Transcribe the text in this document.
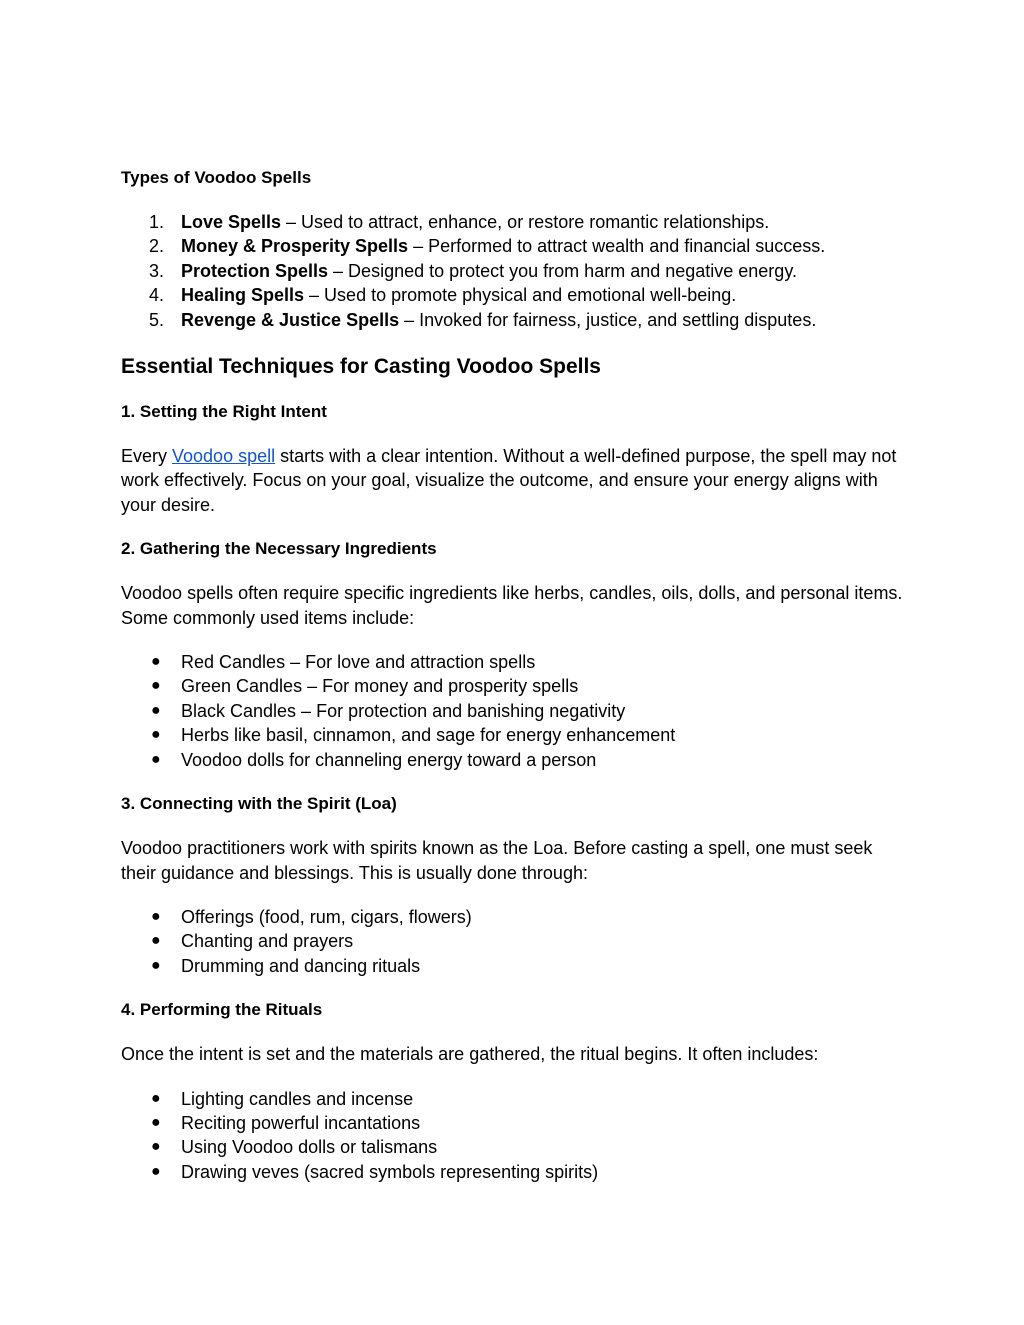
Types of Voodoo Spells
1. Love Spells – Used to attract, enhance, or restore romantic relationships.
2. Money & Prosperity Spells – Performed to attract wealth and financial success.
3. Protection Spells – Designed to protect you from harm and negative energy.
4. Healing Spells – Used to promote physical and emotional well-being.
5. Revenge & Justice Spells – Invoked for fairness, justice, and settling disputes.
Essential Techniques for Casting Voodoo Spells
1. Setting the Right Intent

Every Voodoo spell starts with a clear intention. Without a well-defined purpose, the spell may not work effectively. Focus on your goal, visualize the outcome, and ensure your energy aligns with your desire.

2. Gathering the Necessary Ingredients

Voodoo spells often require specific ingredients like herbs, candles, oils, dolls, and personal items. Some commonly used items include:

● Red Candles – For love and attraction spells
● Green Candles – For money and prosperity spells
● Black Candles – For protection and banishing negativity
● Herbs like basil, cinnamon, and sage for energy enhancement
● Voodoo dolls for channeling energy toward a person
3. Connecting with the Spirit (Loa)

Voodoo practitioners work with spirits known as the Loa. Before casting a spell, one must seek their guidance and blessings. This is usually done through:

● Offerings (food, rum, cigars, flowers)
● Chanting and prayers
● Drumming and dancing rituals
4. Performing the Rituals

Once the intent is set and the materials are gathered, the ritual begins. It often includes:

● Lighting candles and incense
● Reciting powerful incantations
● Using Voodoo dolls or talismans
● Drawing veves (sacred symbols representing spirits)
